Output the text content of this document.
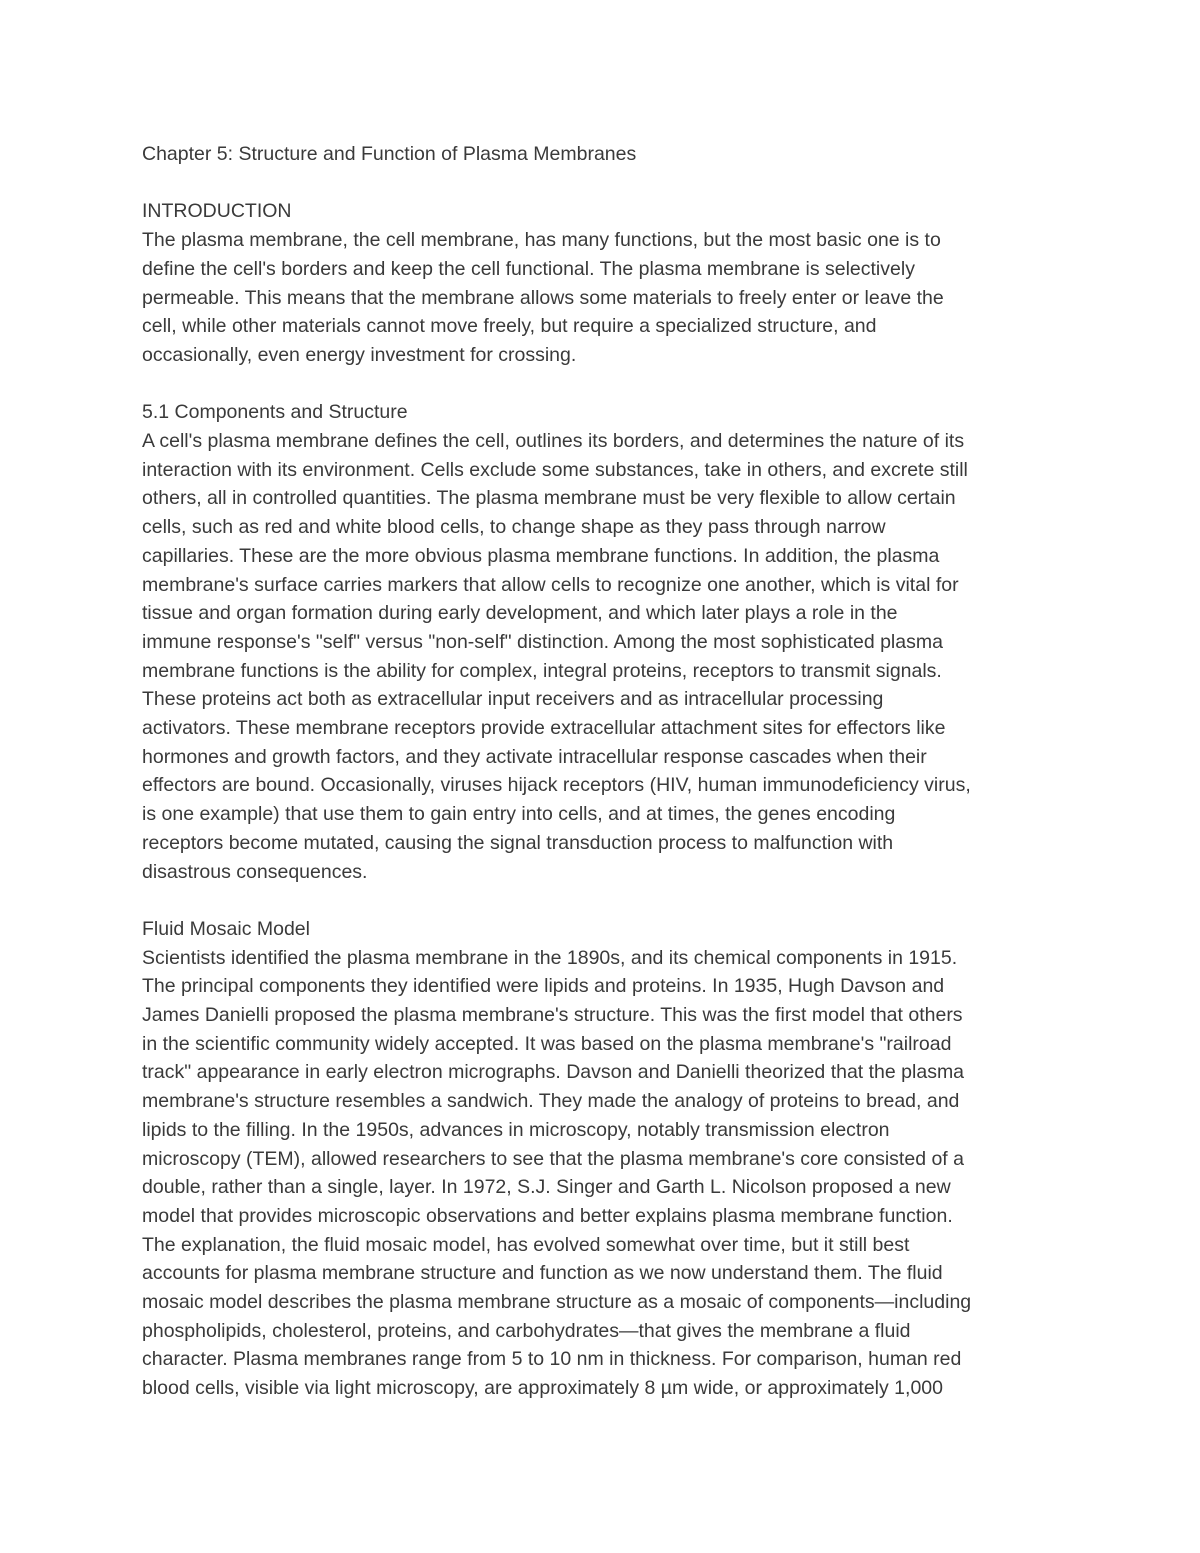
Chapter 5: Structure and Function of Plasma Membranes
INTRODUCTION
The plasma membrane, the cell membrane, has many functions, but the most basic one is to
define the cell's borders and keep the cell functional. The plasma membrane is selectively
permeable. This means that the membrane allows some materials to freely enter or leave the
cell, while other materials cannot move freely, but require a specialized structure, and
occasionally, even energy investment for crossing.
5.1 Components and Structure
A cell's plasma membrane defines the cell, outlines its borders, and determines the nature of its
interaction with its environment. Cells exclude some substances, take in others, and excrete still
others, all in controlled quantities. The plasma membrane must be very flexible to allow certain
cells, such as red and white blood cells, to change shape as they pass through narrow
capillaries. These are the more obvious plasma membrane functions. In addition, the plasma
membrane's surface carries markers that allow cells to recognize one another, which is vital for
tissue and organ formation during early development, and which later plays a role in the
immune response's "self" versus "non-self" distinction. Among the most sophisticated plasma
membrane functions is the ability for complex, integral proteins, receptors to transmit signals.
These proteins act both as extracellular input receivers and as intracellular processing
activators. These membrane receptors provide extracellular attachment sites for effectors like
hormones and growth factors, and they activate intracellular response cascades when their
effectors are bound. Occasionally, viruses hijack receptors (HIV, human immunodeficiency virus,
is one example) that use them to gain entry into cells, and at times, the genes encoding
receptors become mutated, causing the signal transduction process to malfunction with
disastrous consequences.
Fluid Mosaic Model
Scientists identified the plasma membrane in the 1890s, and its chemical components in 1915.
The principal components they identified were lipids and proteins. In 1935, Hugh Davson and
James Danielli proposed the plasma membrane's structure. This was the first model that others
in the scientific community widely accepted. It was based on the plasma membrane's "railroad
track" appearance in early electron micrographs. Davson and Danielli theorized that the plasma
membrane's structure resembles a sandwich. They made the analogy of proteins to bread, and
lipids to the filling. In the 1950s, advances in microscopy, notably transmission electron
microscopy (TEM), allowed researchers to see that the plasma membrane's core consisted of a
double, rather than a single, layer. In 1972, S.J. Singer and Garth L. Nicolson proposed a new
model that provides microscopic observations and better explains plasma membrane function.
The explanation, the fluid mosaic model, has evolved somewhat over time, but it still best
accounts for plasma membrane structure and function as we now understand them. The fluid
mosaic model describes the plasma membrane structure as a mosaic of components—including
phospholipids, cholesterol, proteins, and carbohydrates—that gives the membrane a fluid
character. Plasma membranes range from 5 to 10 nm in thickness. For comparison, human red
blood cells, visible via light microscopy, are approximately 8 µm wide, or approximately 1,000
